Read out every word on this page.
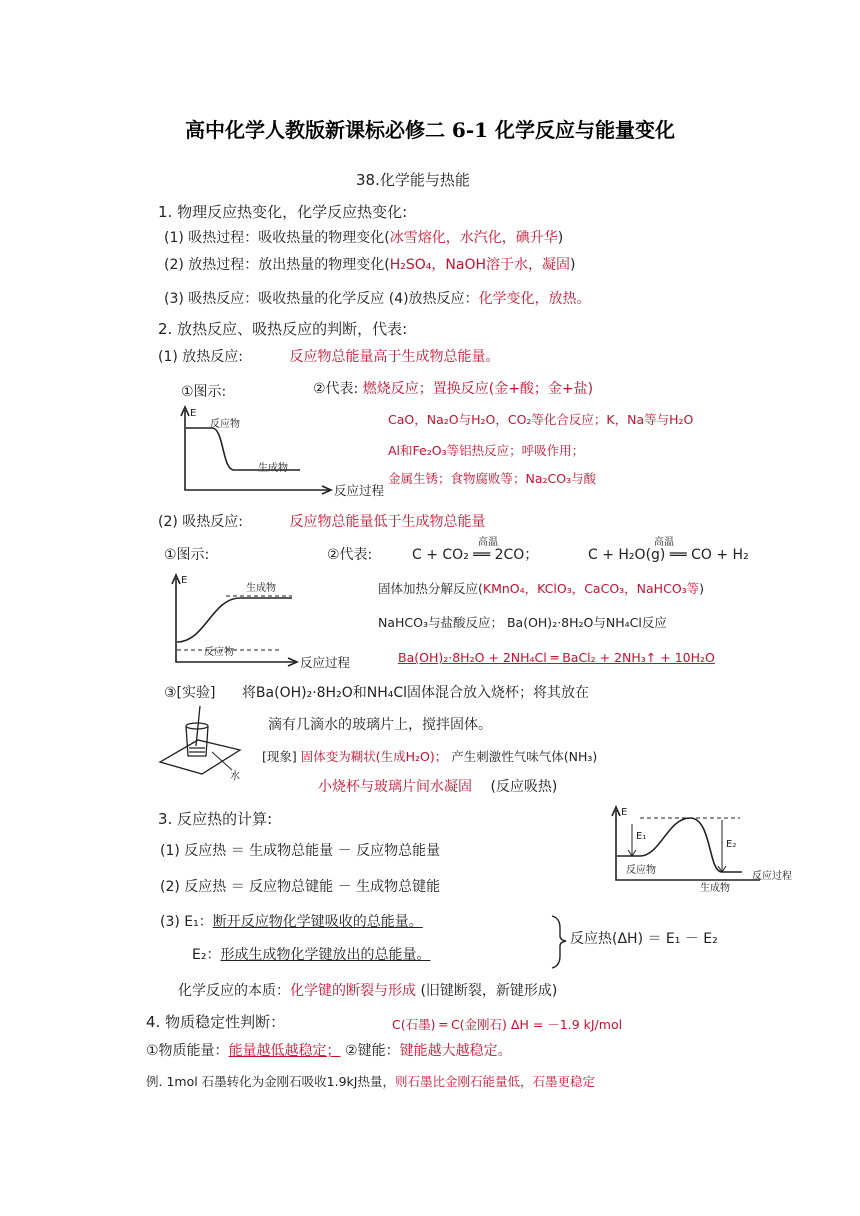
高中化学人教版新课标必修二 6-1 化学反应与能量变化
38.化学能与热能
1. 物理反应热变化，化学反应热变化:
(1) 吸热过程：吸收热量的物理变化(冰雪熔化，水汽化，碘升华)
(2) 放热过程：放出热量的物理变化(H₂SO₄，NaOH溶于水，凝固)
(3) 吸热反应：吸收热量的化学反应 (4)放热反应：化学变化，放热。
2. 放热反应、吸热反应的判断，代表:
(1) 放热反应:	反应物总能量高于生成物总能量。
①图示:	②代表: 燃烧反应；置换反应(金+酸；金+盐)
CaO，Na₂O与H₂O，CO₂等化合反应；K，Na等与H₂O
Al和Fe₂O₃等铝热反应；呼吸作用；
金属生锈；食物腐败等；Na₂CO₃与酸
E
反应物
生成物
反应过程
(2) 吸热反应:	反应物总能量低于生成物总能量
①图示:	②代表:
高温
C + CO₂ ══ 2CO；
高温
C + H₂O(g) ══ CO + H₂
固体加热分解反应(KMnO₄，KClO₃，CaCO₃，NaHCO₃等)
NaHCO₃与盐酸反应； Ba(OH)₂·8H₂O与NH₄Cl反应
Ba(OH)₂·8H₂O + 2NH₄Cl ═ BaCl₂ + 2NH₃↑ + 10H₂O
E
生成物
反应物
反应过程
③[实验] 将Ba(OH)₂·8H₂O和NH₄Cl固体混合放入烧杯；将其放在
滴有几滴水的玻璃片上，搅拌固体。
水
[现象] 固体变为糊状(生成H₂O)； 产生刺激性气味气体(NH₃)
小烧杯与玻璃片间水凝固 (反应吸热)
3. 反应热的计算:
(1) 反应热 ＝ 生成物总能量 － 反应物总能量
(2) 反应热 ＝ 反应物总键能 － 生成物总键能
(3) E₁：断开反应物化学键吸收的总能量。
E₂：形成生成物化学键放出的总能量。
反应热(ΔH) ＝ E₁ － E₂
化学反应的本质：化学键的断裂与形成 (旧键断裂，新键形成)
E
E₁
E₂
反应物
生成物
反应过程
4. 物质稳定性判断：	C(石墨) ═ C(金刚石) ΔH = －1.9 kJ/mol
①物质能量：能量越低越稳定； ②键能：键能越大越稳定。
例. 1mol 石墨转化为金刚石吸收1.9kJ热量，则石墨比金刚石能量低，石墨更稳定
